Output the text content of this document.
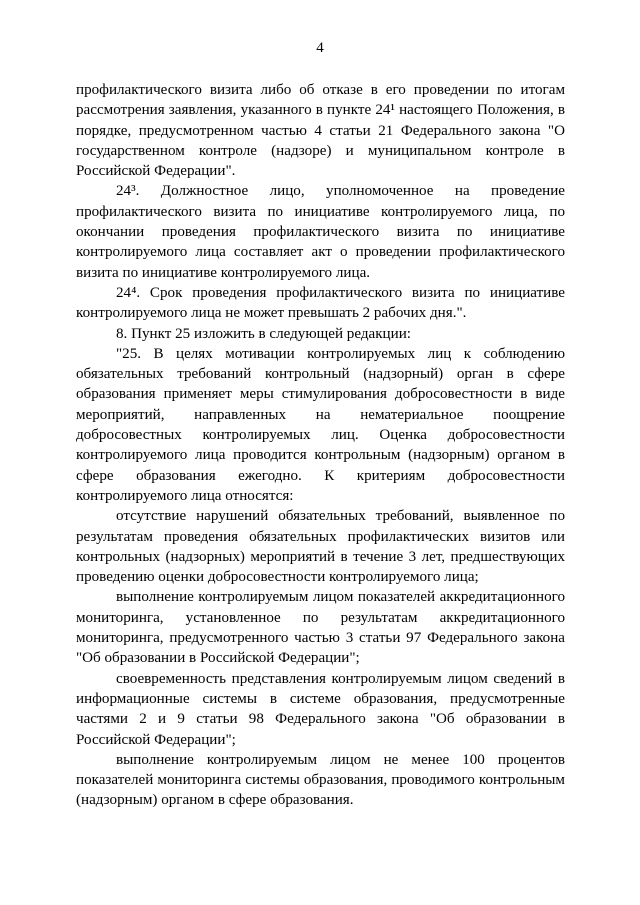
4

профилактического визита либо об отказе в его проведении по итогам рассмотрения заявления, указанного в пункте 24¹ настоящего Положения, в порядке, предусмотренном частью 4 статьи 21 Федерального закона "О государственном контроле (надзоре) и муниципальном контроле в Российской Федерации".

24³. Должностное лицо, уполномоченное на проведение профилактического визита по инициативе контролируемого лица, по окончании проведения профилактического визита по инициативе контролируемого лица составляет акт о проведении профилактического визита по инициативе контролируемого лица.

24⁴. Срок проведения профилактического визита по инициативе контролируемого лица не может превышать 2 рабочих дня.".

8. Пункт 25 изложить в следующей редакции:

"25. В целях мотивации контролируемых лиц к соблюдению обязательных требований контрольный (надзорный) орган в сфере образования применяет меры стимулирования добросовестности в виде мероприятий, направленных на нематериальное поощрение добросовестных контролируемых лиц. Оценка добросовестности контролируемого лица проводится контрольным (надзорным) органом в сфере образования ежегодно. К критериям добросовестности контролируемого лица относятся:

отсутствие нарушений обязательных требований, выявленное по результатам проведения обязательных профилактических визитов или контрольных (надзорных) мероприятий в течение 3 лет, предшествующих проведению оценки добросовестности контролируемого лица;

выполнение контролируемым лицом показателей аккредитационного мониторинга, установленное по результатам аккредитационного мониторинга, предусмотренного частью 3 статьи 97 Федерального закона "Об образовании в Российской Федерации";

своевременность представления контролируемым лицом сведений в информационные системы в системе образования, предусмотренные частями 2 и 9 статьи 98 Федерального закона "Об образовании в Российской Федерации";

выполнение контролируемым лицом не менее 100 процентов показателей мониторинга системы образования, проводимого контрольным (надзорным) органом в сфере образования.
